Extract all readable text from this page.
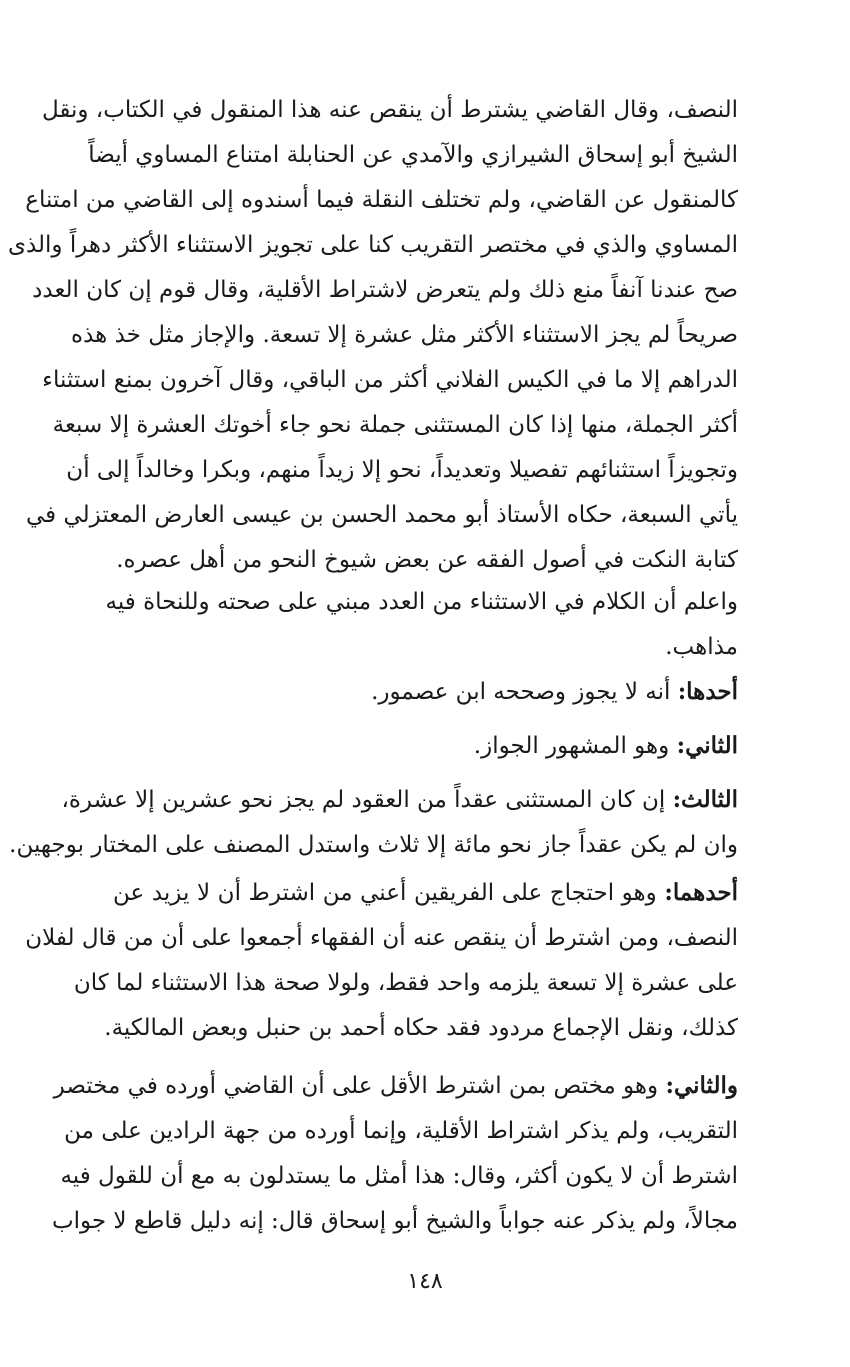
النصف، وقال القاضي يشترط أن ينقص عنه هذا المنقول في الكتاب، ونقل
الشيخ أبو إسحاق الشيرازي والآمدي عن الحنابلة امتناع المساوي أيضاً
كالمنقول عن القاضي، ولم تختلف النقلة فيما أسندوه إلى القاضي من امتناع
المساوي والذي في مختصر التقريب كنا على تجويز الاستثناء الأكثر دهراً والذى
صح عندنا آنفاً منع ذلك ولم يتعرض لاشتراط الأقلية، وقال قوم إن كان العدد
صريحاً لم يجز الاستثناء الأكثر مثل عشرة إلا تسعة. والإجاز مثل خذ هذه
الدراهم إلا ما في الكيس الفلاني أكثر من الباقي، وقال آخرون بمنع استثناء
أكثر الجملة، منها إذا كان المستثنى جملة نحو جاء أخوتك العشرة إلا سبعة
وتجويزاً استثنائهم تفصيلا وتعديداً، نحو إلا زيداً منهم، وبكرا وخالداً إلى أن
يأتي السبعة، حكاه الأستاذ أبو محمد الحسن بن عيسى العارض المعتزلي في
كتابة النكت في أصول الفقه عن بعض شيوخ النحو من أهل عصره.
واعلم أن الكلام في الاستثناء من العدد مبني على صحته وللنحاة فيه
مذاهب.
أحدها: أنه لا يجوز وصححه ابن عصمور.
الثاني: وهو المشهور الجواز.
الثالث: إن كان المستثنى عقداً من العقود لم يجز نحو عشرين إلا عشرة،
وان لم يكن عقداً جاز نحو مائة إلا ثلاث واستدل المصنف على المختار بوجهين.
أحدهما: وهو احتجاج على الفريقين أعني من اشترط أن لا يزيد عن
النصف، ومن اشترط أن ينقص عنه أن الفقهاء أجمعوا على أن من قال لفلان
على عشرة إلا تسعة يلزمه واحد فقط، ولولا صحة هذا الاستثناء لما كان
كذلك، ونقل الإجماع مردود فقد حكاه أحمد بن حنبل وبعض المالكية.
والثاني: وهو مختص بمن اشترط الأقل على أن القاضي أورده في مختصر
التقريب، ولم يذكر اشتراط الأقلية، وإنما أورده من جهة الرادين على من
اشترط أن لا يكون أكثر، وقال: هذا أمثل ما يستدلون به مع أن للقول فيه
١٤٨
مجالاً، ولم يذكر عنه جواباً والشيخ أبو إسحاق قال: إنه دليل قاطع لا جواب
